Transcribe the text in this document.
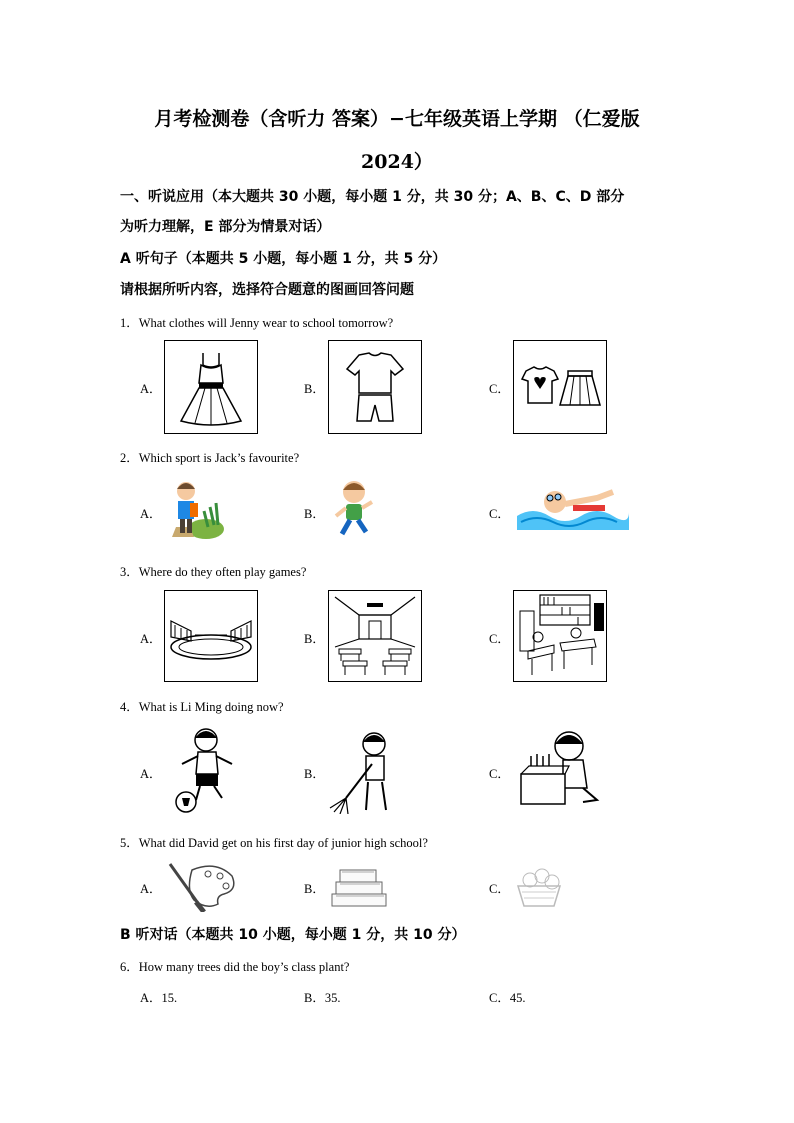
月考检测卷（含听力 答案）−七年级英语上学期 （仁爱版
2024）
一、听说应用（本大题共 30 小题，每小题 1 分，共 30 分；A、B、C、D 部分
为听力理解，E 部分为情景对话）
A 听句子（本题共 5 小题，每小题 1 分，共 5 分）
请根据所听内容，选择符合题意的图画回答问题
1．What clothes will Jenny wear to school tomorrow?
A．	B．	C．
2．Which sport is Jack’s favourite?
A．	B．	C．
3．Where do they often play games?
A．	B．	C．
4．What is Li Ming doing now?
A．	B．	C．
5．What did David get on his first day of junior high school?
A．	B．	C．
B 听对话（本题共 10 小题，每小题 1 分，共 10 分）
6．How many trees did the boy’s class plant?
A．15.	B．35.	C．45.
